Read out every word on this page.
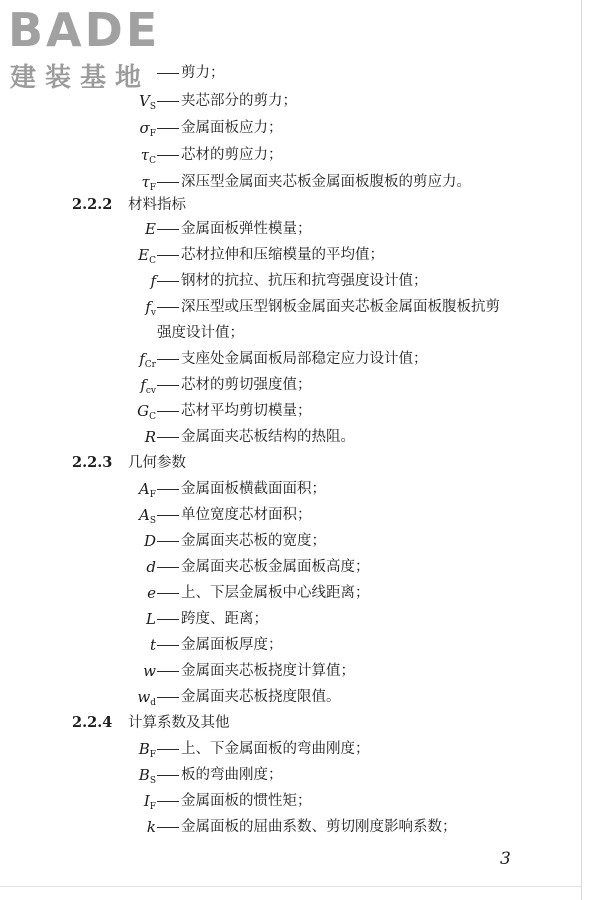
剪力；
$V_S$ 夹芯部分的剪力；
$\sigma_F$ 金属面板应力；
$\tau_C$ 芯材的剪应力；
$\tau_F$ 深压型金属面夹芯板金属面板腹板的剪应力。
2.2.2 材料指标
E 金属面板弹性模量；
$E_C$ 芯材拉伸和压缩模量的平均值；
f 钢材的抗拉、抗压和抗弯强度设计值；
$f_v$ 深压型或压型钢板金属面夹芯板金属面板腹板抗剪
强度设计值；
$f_{Cr}$ 支座处金属面板局部稳定应力设计值；
$f_{cv}$ 芯材的剪切强度值；
$G_C$ 芯材平均剪切模量；
R 金属面夹芯板结构的热阻。
2.2.3 几何参数
$A_F$ 金属面板横截面面积；
$A_S$ 单位宽度芯材面积；
D 金属面夹芯板的宽度；
d 金属面夹芯板金属面板高度；
e 上、下层金属板中心线距离；
L 跨度、距离；
t 金属面板厚度；
w 金属面夹芯板挠度计算值；
$w_d$ 金属面夹芯板挠度限值。
2.2.4 计算系数及其他
$B_F$ 上、下金属面板的弯曲刚度；
$B_S$ 板的弯曲刚度；
$I_F$ 金属面板的惯性矩；
k 金属面板的屈曲系数、剪切刚度影响系数；
3
BADE
建装基地
